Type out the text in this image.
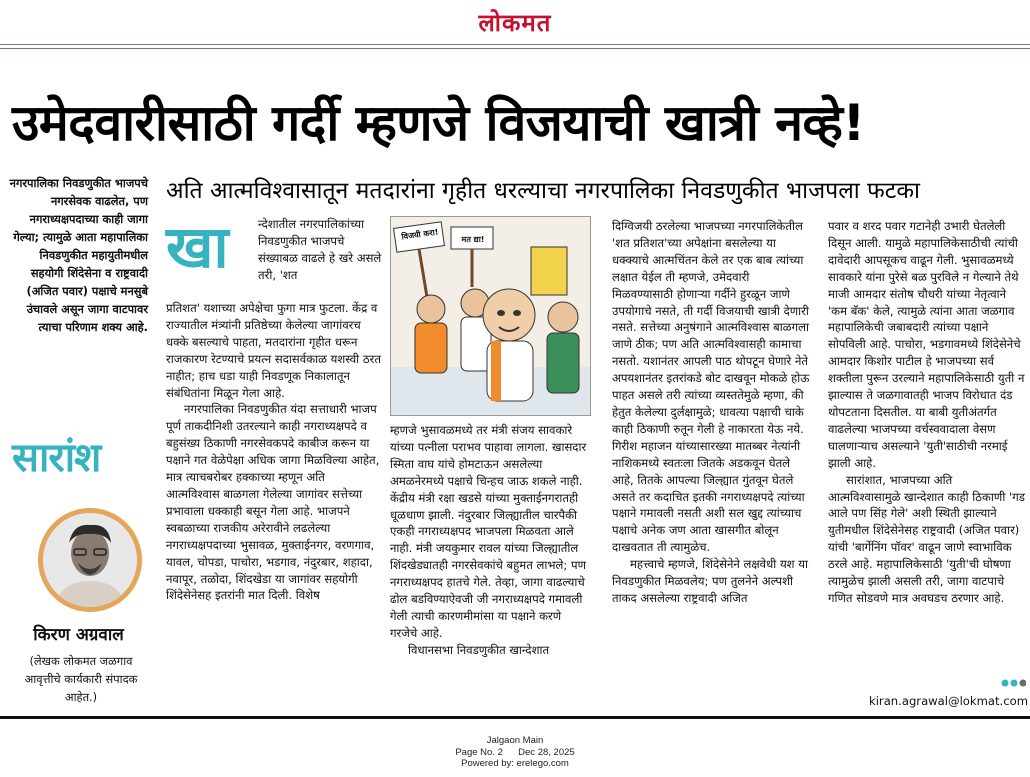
लोकमत
उमेदवारीसाठी गर्दी म्हणजे विजयाची खात्री नव्हे!
अति आत्मविश्वासातून मतदारांना गृहीत धरल्याचा नगरपालिका निवडणुकीत भाजपला फटका
नगरपालिका निवडणुकीत भाजपचे नगरसेवक वाढलेत, पण नगराध्यक्षपदाच्या काही जागा गेल्या; त्यामुळे आता महापालिका निवडणुकीत महायुतीमधील सहयोगी शिंदेसेना व राष्ट्रवादी (अजित पवार) पक्षाचे मनसुबे उंचावले असून जागा वाटपावर त्याचा परिणाम शक्य आहे.
सारांश
किरण अग्रवाल
(लेखक लोकमत जळगाव आवृत्तीचे कार्यकारी संपादक आहेत.)
खा	न्देशातील नगरपालिकांच्या निवडणुकीत भाजपचे संख्याबळ वाढले हे खरे असले तरी, 'शत

प्रतिशत' यशाच्या अपेक्षेचा फुगा मात्र फुटला. केंद्र व राज्यातील मंत्र्यांनी प्रतिष्ठेच्या केलेल्या जागांवरच धक्के बसल्याचे पाहता, मतदारांना गृहीत धरून राजकारण रेटण्याचे प्रयत्न सदासर्वकाळ यशस्वी ठरत नाहीत; हाच धडा याही निवडणूक निकालातून संबंधितांना मिळून गेला आहे.

नगरपालिका निवडणुकीत यंदा सत्ताधारी भाजप पूर्ण ताकदीनिशी उतरल्याने काही नगराध्यक्षपदे व बहुसंख्य ठिकाणी नगरसेवकपदे काबीज करून या पक्षाने गत वेळेपेक्षा अधिक जागा मिळविल्या आहेत, मात्र त्याचबरोबर हक्काच्या म्हणून अति आत्मविश्वास बाळगला गेलेल्या जागांवर सत्तेच्या प्रभावाला धक्काही बसून गेला आहे. भाजपने स्वबळाच्या राजकीय अरेरावीने लढलेल्या नगराध्यक्षपदाच्या भुसावळ, मुक्ताईनगर, वरणगाव, यावल, चोपडा, पाचोरा, भडगाव, नंदुरबार, शहादा, नवापूर, तळोदा, शिंदखेडा या जागांवर सहयोगी शिंदेसेनेसह इतरांनी मात दिली. विशेष

विजयी करा!	मत द्या!

म्हणजे भुसावळमध्ये तर मंत्री संजय सावकारे यांच्या पत्नीला पराभव पाहावा लागला. खासदार स्मिता वाघ यांचे होमटाऊन असलेल्या अमळनेरमध्ये पक्षाचे चिन्हच जाऊ शकले नाही. केंद्रीय मंत्री रक्षा खडसे यांच्या मुक्ताईनगरातही धूळधाण झाली. नंदुरबार जिल्ह्यातील चारपैकी एकही नगराध्यक्षपद भाजपला मिळवता आले नाही. मंत्री जयकुमार रावल यांच्या जिल्ह्यातील शिंदखेड्यातही नगरसेवकांचे बहुमत लाभले; पण नगराध्यक्षपद हातचे गेले. तेव्हा, जागा वाढल्याचे ढोल बडविण्याऐवजी जी नगराध्यक्षपदे गमावली गेली त्याची कारणमीमांसा या पक्षाने करणे गरजेचे आहे.

विधानसभा निवडणुकीत खान्देशात

दिग्विजयी ठरलेल्या भाजपच्या नगरपालिकेतील 'शत प्रतिशत'च्या अपेक्षांना बसलेल्या या धक्क्याचे आत्मचिंतन केले तर एक बाब त्यांच्या लक्षात येईल ती म्हणजे, उमेदवारी मिळवण्यासाठी होणाऱ्या गर्दीने हुरळून जाणे उपयोगाचे नसते, ती गर्दी विजयाची खात्री देणारी नसते. सत्तेच्या अनुषंगाने आत्मविश्वास बाळगला जाणे ठीक; पण अति आत्मविश्वासही कामाचा नसतो. यशानंतर आपली पाठ थोपटून घेणारे नेते अपयशानंतर इतरांकडे बोट दाखवून मोकळे होऊ पाहत असले तरी त्यांच्या व्यस्ततेमुळे म्हणा, की हेतुत केलेल्या दुर्लक्षामुळे; धावत्या पक्षाची चाके काही ठिकाणी रुतून गेली हे नाकारता येऊ नये. गिरीश महाजन यांच्यासारख्या मातब्बर नेत्यांनी नाशिकमध्ये स्वतःला जितके अडकवून घेतले आहे, तितके आपल्या जिल्ह्यात गुंतवून घेतले असते तर कदाचित इतकी नगराध्यक्षपदे त्यांच्या पक्षाने गमावली नसती अशी सल खुद्द त्यांच्याच पक्षाचे अनेक जण आता खासगीत बोलून दाखवतात ती त्यामुळेच.

महत्त्वाचे म्हणजे, शिंदेसेनेने लक्षवेधी यश या निवडणुकीत मिळवलेय; पण तुलनेने अल्पशी ताकद असलेल्या राष्ट्रवादी अजित

पवार व शरद पवार गटानेही उभारी घेतलेली दिसून आली. यामुळे महापालिकेसाठीची त्यांची दावेदारी आपसूकच वाढून गेली. भुसावळमध्ये सावकारे यांना पुरेसे बळ पुरविले न गेल्याने तेथे माजी आमदार संतोष चौधरी यांच्या नेतृत्वाने 'कम बॅक' केले, त्यामुळे त्यांना आता जळगाव महापालिकेची जबाबदारी त्यांच्या पक्षाने सोपविली आहे. पाचोरा, भडगावमध्ये शिंदेसेनेचे आमदार किशोर पाटील हे भाजपच्या सर्व शक्तीला पुरून उरल्याने महापालिकेसाठी युती न झाल्यास ते जळगावातही भाजप विरोधात दंड थोपटताना दिसतील. या बाबी युतीअंतर्गत वाढलेल्या भाजपच्या वर्चस्ववादाला वेसण घालणाऱ्याच असल्याने 'युती'साठीची नरमाई झाली आहे.

सारांशात, भाजपच्या अति आत्मविश्वासामुळे खान्देशात काही ठिकाणी 'गड आले पण सिंह गेले' अशी स्थिती झाल्याने युतीमधील शिंदेसेनेसह राष्ट्रवादी (अजित पवार) यांची 'बार्गेनिंग पॉवर' वाढून जाणे स्वाभाविक ठरले आहे. महापालिकेसाठी 'युती'ची घोषणा त्यामुळेच झाली असली तरी, जागा वाटपाचे गणित सोडवणे मात्र अवघडच ठरणार आहे.

kiran.agrawal@lokmat.com
Jalgaon Main
Page No. 2 Dec 28, 2025
Powered by: erelego.com
